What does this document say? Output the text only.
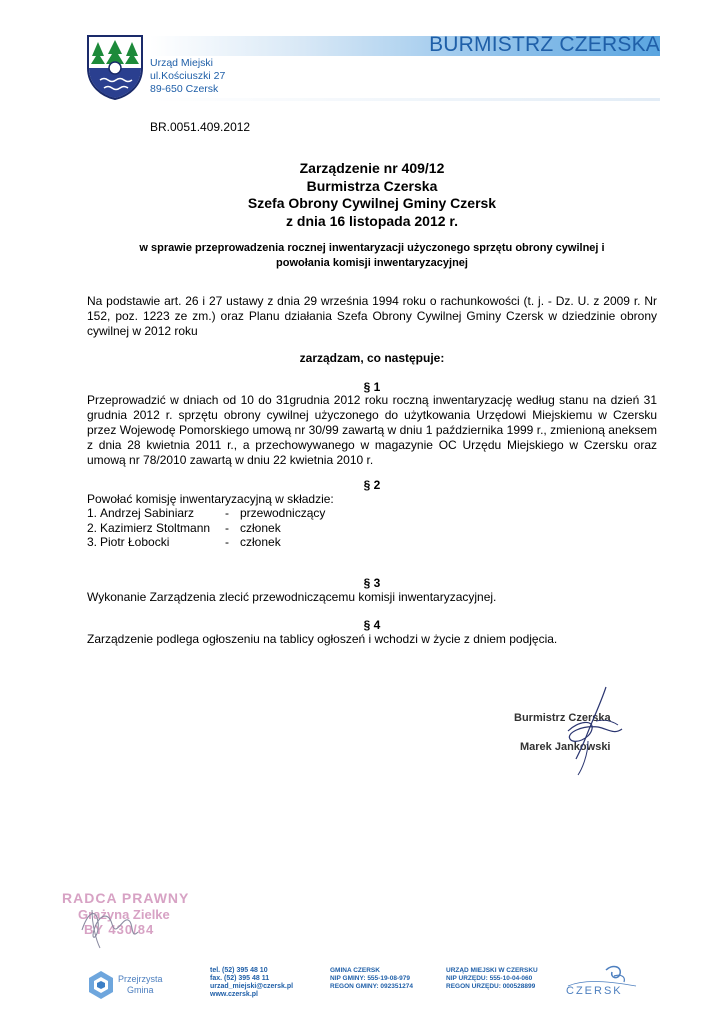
BURMISTRZ CZERSKA
Urząd Miejski
ul.Kościuszki 27
89-650 Czersk
BR.0051.409.2012
Zarządzenie nr 409/12
Burmistrza Czerska
Szefa Obrony Cywilnej Gminy Czersk
z dnia 16 listopada 2012 r.
w sprawie przeprowadzenia rocznej inwentaryzacji użyczonego sprzętu obrony cywilnej i
powołania komisji inwentaryzacyjnej
Na podstawie art. 26 i 27 ustawy z dnia 29 września 1994 roku o rachunkowości (t. j. - Dz. U. z 2009 r. Nr 152, poz. 1223 ze zm.) oraz Planu działania Szefa Obrony Cywilnej Gminy Czersk w dziedzinie obrony cywilnej w 2012 roku
zarządzam, co następuje:
§ 1
Przeprowadzić w dniach od 10 do 31grudnia 2012 roku roczną inwentaryzację według stanu na dzień 31 grudnia 2012 r. sprzętu obrony cywilnej użyczonego do użytkowania Urzędowi Miejskiemu w Czersku przez Wojewodę Pomorskiego umową nr 30/99 zawartą w dniu 1 października 1999 r., zmienioną aneksem z dnia 28 kwietnia 2011 r., a przechowywanego w magazynie OC Urzędu Miejskiego w Czersku oraz umową nr 78/2010 zawartą w dniu 22 kwietnia 2010 r.
§ 2
Powołać komisję inwentaryzacyjną w składzie:
1. Andrzej Sabiniarz	- przewodniczący
2. Kazimierz Stoltmann	- członek
3. Piotr Łobocki	- członek
§ 3
Wykonanie Zarządzenia zlecić przewodniczącemu komisji inwentaryzacyjnej.
§ 4
Zarządzenie podlega ogłoszeniu na tablicy ogłoszeń i wchodzi w życie z dniem podjęcia.
Burmistrz Czerska
Marek Jankowski
RADCA PRAWNY
Grażyna Zielke
BY 430/84
Przejrzysta
Gmina
tel. (52) 395 48 10
fax. (52) 395 48 11
urzad_miejski@czersk.pl
www.czersk.pl
GMINA CZERSK
NIP GMINY: 555-19-08-979
REGON GMINY: 092351274
URZĄD MIEJSKI W CZERSKU
NIP URZĘDU: 555-10-04-060
REGON URZĘDU: 000528899	CZERSK
